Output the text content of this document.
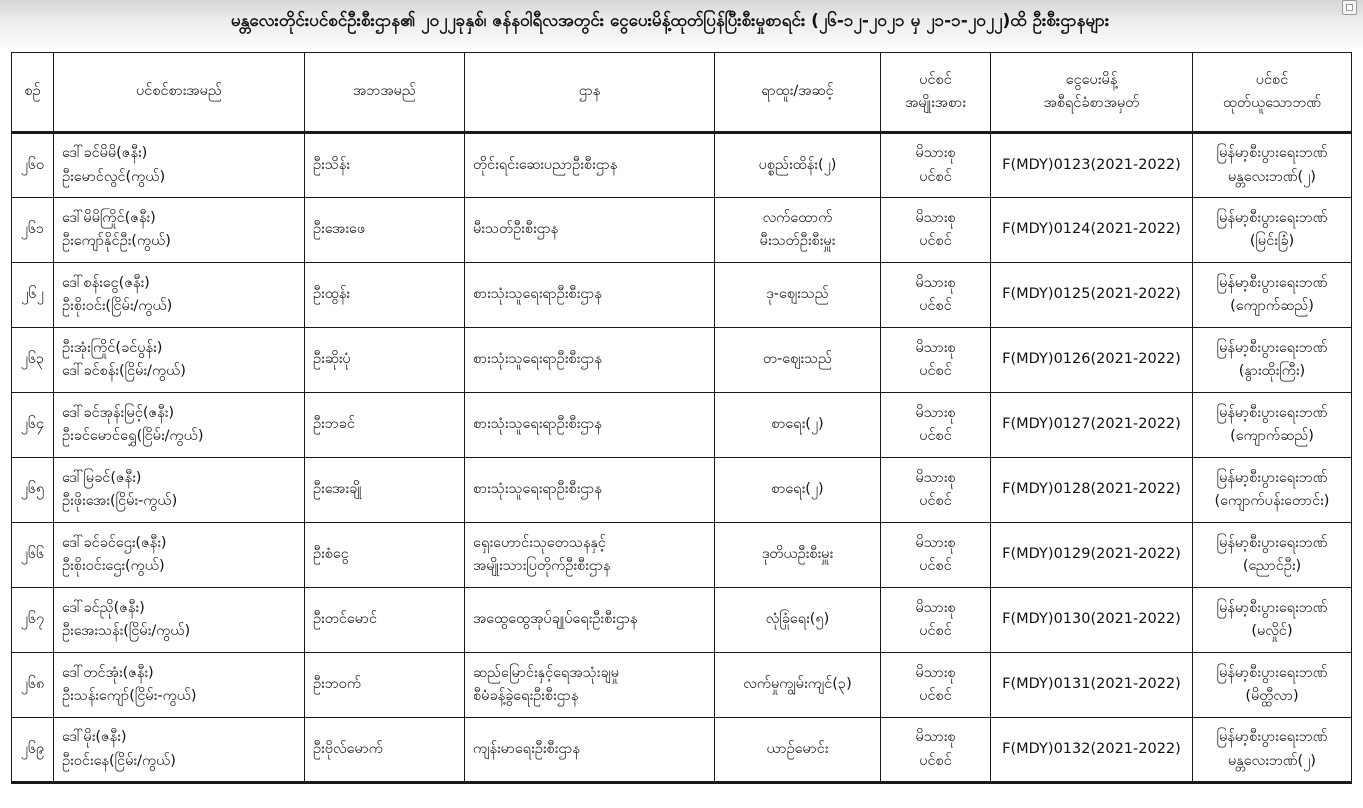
မန္တလေးတိုင်းပင်စင်ဦးစီးဌာန၏ ၂၀၂၂ခုနှစ်၊ ဇန်နဝါရီလအတွင်း ငွေပေးမိန့်ထုတ်ပြန်ပြီးစီးမှုစာရင်း (၂၆-၁၂-၂၀၂၁ မှ ၂၁-၁-၂၀၂၂)ထိ ဦးစီးဌာနများ
စဉ်	ပင်စင်စားအမည်	အဘအမည်	ဌာန	ရာထူး/အဆင့်	ပင်စင်
အမျိုးအစား	ငွေပေးမိန့်
အစီရင်ခံစာအမှတ်	ပင်စင်
ထုတ်ယူသောဘဏ်

၂၆၀	ဒေါ်ခင်မိမိ(ဇနီး)
ဦးမောင်လွင်(ကွယ်)	ဦးသိန်း	တိုင်းရင်းဆေးပညာဦးစီးဌာန	ပစ္စည်းထိန်း(၂)	မိသားစု
ပင်စင်	F(MDY)0123(2021-2022)	မြန်မာ့စီးပွားရေးဘဏ်
မန္တလေးဘဏ်(၂)

၂၆၁	ဒေါ်မိမိကြိုင်(ဇနီး)
ဦးကျော်နိုင်ဦး(ကွယ်)	ဦးအေးဖေ	မီးသတ်ဦးစီးဌာန	လက်ထောက်
မီးသတ်ဦးစီးမှူး	မိသားစု
ပင်စင်	F(MDY)0124(2021-2022)	မြန်မာ့စီးပွားရေးဘဏ်
(မြင်းခြံ)

၂၆၂	ဒေါ်စန်းငွေ(ဇနီး)
ဦးစိုးဝင်း(ငြိမ်း/ကွယ်)	ဦးထွန်း	စားသုံးသူရေးရာဦးစီးဌာန	ဒု-ဈေးသည်	မိသားစု
ပင်စင်	F(MDY)0125(2021-2022)	မြန်မာ့စီးပွားရေးဘဏ်
(ကျောက်ဆည်)

၂၆၃	ဦးအုံးကြိုင်(ခင်ပွန်း)
ဒေါ်ခင်စန်း(ငြိမ်း/ကွယ်)	ဦးဆိုးပုံ	စားသုံးသူရေးရာဦးစီးဌာန	တ-ဈေးသည်	မိသားစု
ပင်စင်	F(MDY)0126(2021-2022)	မြန်မာ့စီးပွားရေးဘဏ်
(နွားထိုးကြီး)

၂၆၄	ဒေါ်ခင်အုန်းမြင့်(ဇနီး)
ဦးခင်မောင်ရွှေ(ငြိမ်း/ကွယ်)	ဦးဘခင်	စားသုံးသူရေးရာဦးစီးဌာန	စာရေး(၂)	မိသားစု
ပင်စင်	F(MDY)0127(2021-2022)	မြန်မာ့စီးပွားရေးဘဏ်
(ကျောက်ဆည်)

၂၆၅	ဒေါ်မြခင်(ဇနီး)
ဦးဖိုးအေး(ငြိမ်း-ကွယ်)	ဦးအေးချို	စားသုံးသူရေးရာဦးစီးဌာန	စာရေး(၂)	မိသားစု
ပင်စင်	F(MDY)0128(2021-2022)	မြန်မာ့စီးပွားရေးဘဏ်
(ကျောက်ပန်းတောင်း)

၂၆၆	ဒေါ်ခင်ခင်ဌေး(ဇနီး)
ဦးစိုးဝင်းဌေး(ကွယ်)	ဦးစံငွေ	ရှေးဟောင်းသုတေသနနှင့်
အမျိုးသားပြတိုက်ဦးစီးဌာန	ဒုတိယဦးစီးမှူး	မိသားစု
ပင်စင်	F(MDY)0129(2021-2022)	မြန်မာ့စီးပွားရေးဘဏ်
(ညောင်ဦး)

၂၆၇	ဒေါ်ခင်ညို(ဇနီး)
ဦးအေးသန်း(ငြိမ်း/ကွယ်)	ဦးတင်မောင်	အထွေထွေအုပ်ချုပ်ရေးဦးစီးဌာန	လုံခြုံရေး(၅)	မိသားစု
ပင်စင်	F(MDY)0130(2021-2022)	မြန်မာ့စီးပွားရေးဘဏ်
(မလှိုင်)

၂၆၈	ဒေါ်တင်အုံး(ဇနီး)
ဦးသန်းကျော်(ငြိမ်း-ကွယ်)	ဦးဘဝက်	ဆည်မြောင်းနှင့်ရေအသုံးချမှု
စီမံခန့်ခွဲရေးဦးစီးဌာန	လက်မှုကျွမ်းကျင်(၃)	မိသားစု
ပင်စင်	F(MDY)0131(2021-2022)	မြန်မာ့စီးပွားရေးဘဏ်
(မိတ္ထီလာ)

၂၆၉	ဒေါ်မိုး(ဇနီး)
ဦးဝင်းနေ(ငြိမ်း/ကွယ်)	ဦးဗိုလ်မောက်	ကျန်းမာရေးဦးစီးဌာန	ယာဉ်မောင်း	မိသားစု
ပင်စင်	F(MDY)0132(2021-2022)	မြန်မာ့စီးပွားရေးဘဏ်
မန္တလေးဘဏ်(၂)
